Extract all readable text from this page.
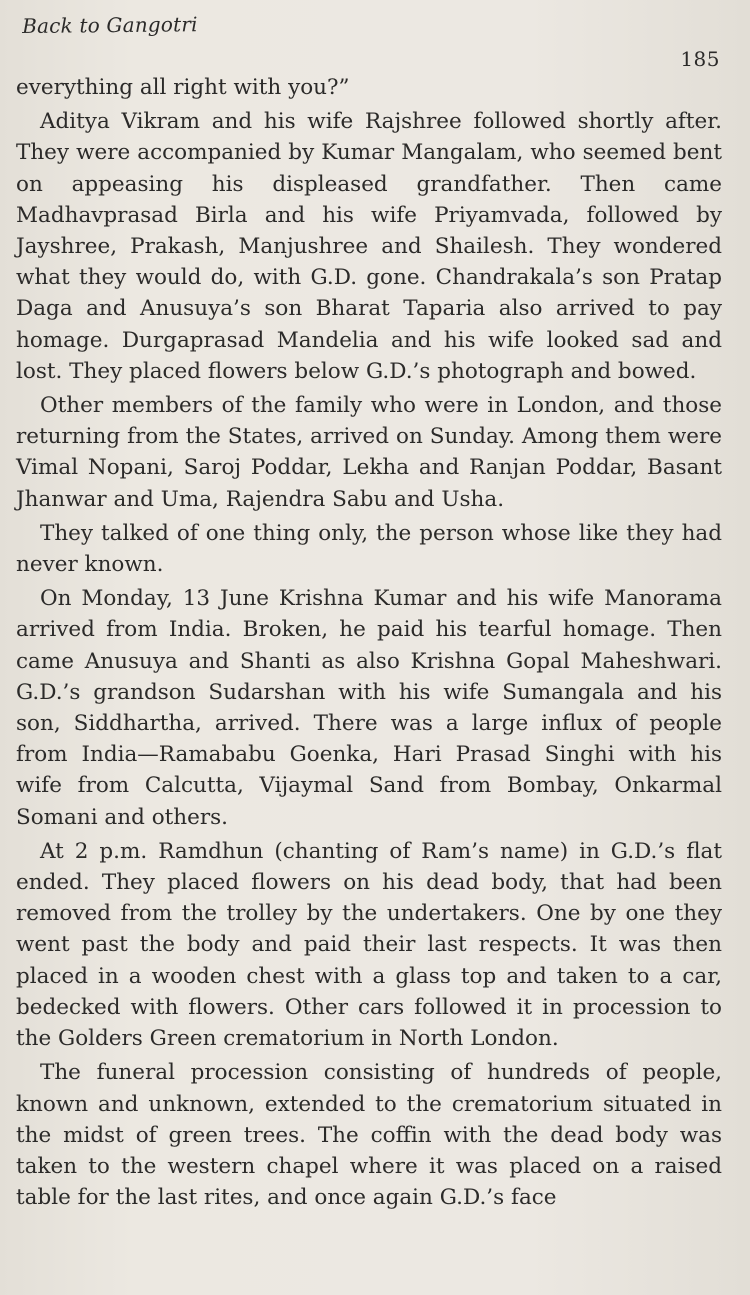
Back to Gangotri
185

everything all right with you?”

Aditya Vikram and his wife Rajshree followed shortly after. They were accompanied by Kumar Mangalam, who seemed bent on appeasing his displeased grandfather. Then came Madhavprasad Birla and his wife Priyamvada, followed by Jayshree, Prakash, Manjushree and Shailesh. They wondered what they would do, with G.D. gone. Chandrakala’s son Pratap Daga and Anusuya’s son Bharat Taparia also arrived to pay homage. Durgaprasad Mandelia and his wife looked sad and lost. They placed flowers below G.D.’s photograph and bowed.

Other members of the family who were in London, and those returning from the States, arrived on Sunday. Among them were Vimal Nopani, Saroj Poddar, Lekha and Ranjan Poddar, Basant Jhanwar and Uma, Rajendra Sabu and Usha.

They talked of one thing only, the person whose like they had never known.

On Monday, 13 June Krishna Kumar and his wife Manorama arrived from India. Broken, he paid his tearful homage. Then came Anusuya and Shanti as also Krishna Gopal Maheshwari. G.D.’s grandson Sudarshan with his wife Sumangala and his son, Siddhartha, arrived. There was a large influx of people from India—Ramababu Goenka, Hari Prasad Singhi with his wife from Calcutta, Vijaymal Sand from Bombay, Onkarmal Somani and others.

At 2 p.m. Ramdhun (chanting of Ram’s name) in G.D.’s flat ended. They placed flowers on his dead body, that had been removed from the trolley by the undertakers. One by one they went past the body and paid their last respects. It was then placed in a wooden chest with a glass top and taken to a car, bedecked with flowers. Other cars followed it in procession to the Golders Green crematorium in North London.

The funeral procession consisting of hundreds of people, known and unknown, extended to the crematorium situated in the midst of green trees. The coffin with the dead body was taken to the western chapel where it was placed on a raised table for the last rites, and once again G.D.’s face
